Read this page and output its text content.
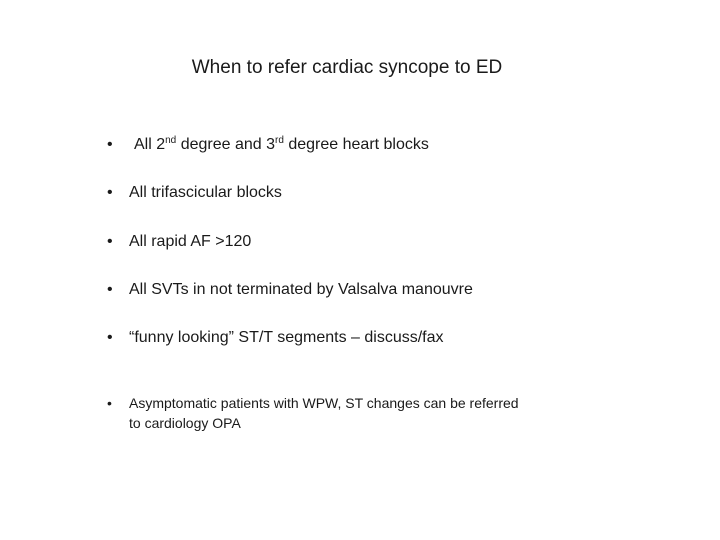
When to refer cardiac syncope to ED
• All 2nd degree and 3rd degree heart blocks
• All trifascicular blocks
• All rapid AF >120
• All SVTs in not terminated by Valsalva manouvre
• “funny looking” ST/T segments – discuss/fax
• Asymptomatic patients with WPW, ST changes can be referred
to cardiology OPA
